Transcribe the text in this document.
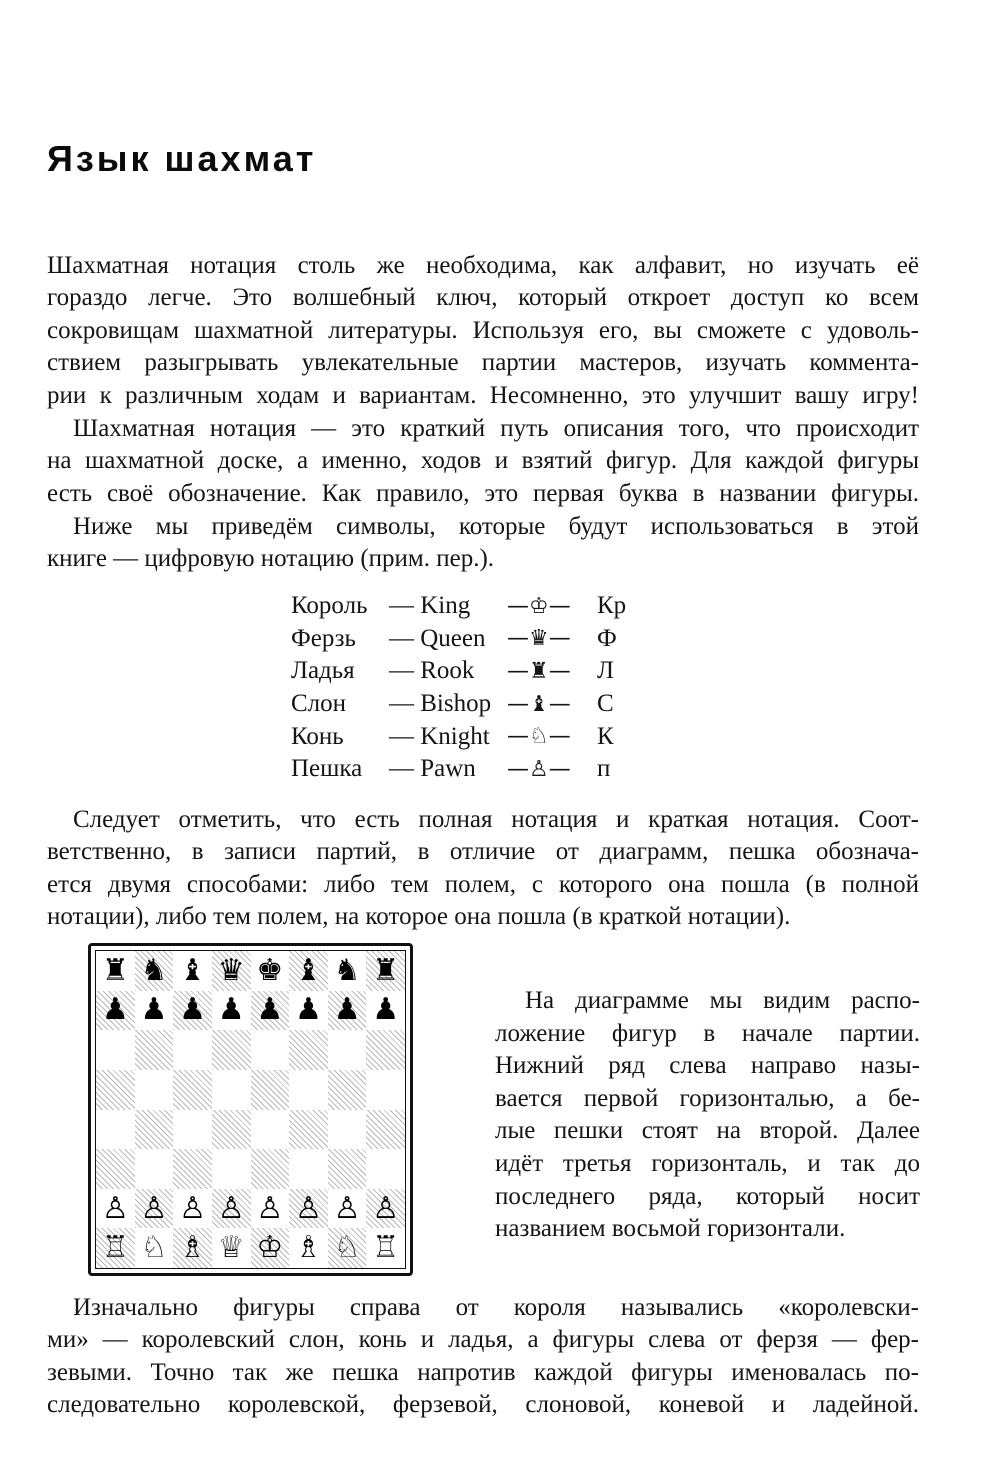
Язык шахмат

Шахматная нотация столь же необходима, как алфавит, но изучать её
гораздо легче. Это волшебный ключ, который откроет доступ ко всем
сокровищам шахматной литературы. Используя его, вы сможете с удоволь-
ствием разыгрывать увлекательные партии мастеров, изучать коммента-
рии к различным ходам и вариантам. Несомненно, это улучшит вашу игру!

Шахматная нотация — это краткий путь описания того, что происходит
на шахматной доске, а именно, ходов и взятий фигур. Для каждой фигуры
есть своё обозначение. Как правило, это первая буква в названии фигуры.

Ниже мы приведём символы, которые будут использоваться в этой
книге — цифровую нотацию (прим. пер.).

Король	— King	—♔—	Кр
Ферзь	— Queen	—♛—	Ф
Ладья	— Rook	—♜—	Л
Слон	— Bishop	—♝—	С
Конь	— Knight	—♘—	К
Пешка	— Pawn	—♙—	п

Следует отметить, что есть полная нотация и краткая нотация. Соот-
ветственно, в записи партий, в отличие от диаграмм, пешка обознача-
ется двумя способами: либо тем полем, с которого она пошла (в полной
нотации), либо тем полем, на которое она пошла (в краткой нотации).

♜ ♞ ♝ ♛ ♚ ♝ ♞ ♜
♟ ♟ ♟ ♟ ♟ ♟ ♟ ♟
♙ ♙ ♙ ♙ ♙ ♙ ♙ ♙
♖ ♘ ♗ ♕ ♔ ♗ ♘ ♖

На диаграмме мы видим распо-
ложение фигур в начале партии.
Нижний ряд слева направо назы-
вается первой горизонталью, а бе-
лые пешки стоят на второй. Далее
идёт третья горизонталь, и так до
последнего ряда, который носит
названием восьмой горизонтали.

Изначально фигуры справа от короля назывались «королевски-
ми» — королевский слон, конь и ладья, а фигуры слева от ферзя — фер-
зевыми. Точно так же пешка напротив каждой фигуры именовалась по-
следовательно королевской, ферзевой, слоновой, коневой и ладейной.
